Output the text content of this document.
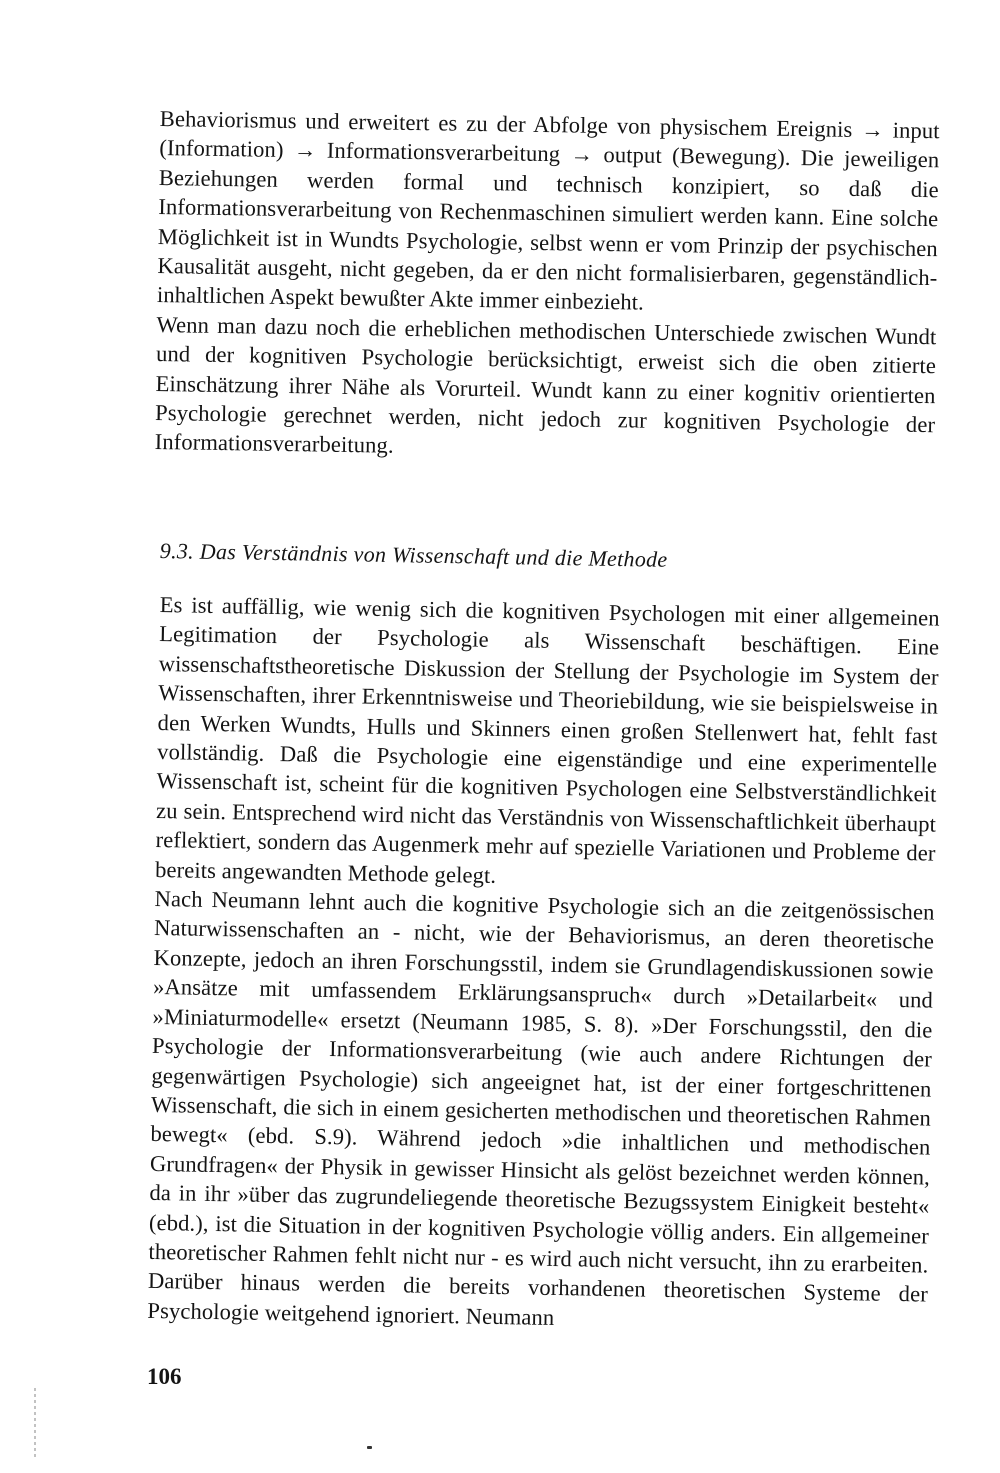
Behaviorismus und erweitert es zu der Abfolge von physischem Ereignis → input (Information) → Informationsverarbeitung → output (Bewegung). Die jeweiligen Beziehungen werden formal und technisch konzipiert, so daß die Informationsverarbeitung von Rechenmaschinen simuliert werden kann. Eine solche Möglichkeit ist in Wundts Psychologie, selbst wenn er vom Prinzip der psychischen Kausalität ausgeht, nicht gegeben, da er den nicht formalisierbaren, gegenständlich-inhaltlichen Aspekt bewußter Akte immer einbezieht.

Wenn man dazu noch die erheblichen methodischen Unterschiede zwischen Wundt und der kognitiven Psychologie berücksichtigt, erweist sich die oben zitierte Einschätzung ihrer Nähe als Vorurteil. Wundt kann zu einer kognitiv orientierten Psychologie gerechnet werden, nicht jedoch zur kognitiven Psychologie der Informationsverarbeitung.

9.3. Das Verständnis von Wissenschaft und die Methode

Es ist auffällig, wie wenig sich die kognitiven Psychologen mit einer allgemeinen Legitimation der Psychologie als Wissenschaft beschäftigen. Eine wissenschaftstheoretische Diskussion der Stellung der Psychologie im System der Wissenschaften, ihrer Erkenntnisweise und Theoriebildung, wie sie beispielsweise in den Werken Wundts, Hulls und Skinners einen großen Stellenwert hat, fehlt fast vollständig. Daß die Psychologie eine eigenständige und eine experimentelle Wissenschaft ist, scheint für die kognitiven Psychologen eine Selbstverständlichkeit zu sein. Entsprechend wird nicht das Verständnis von Wissenschaftlichkeit überhaupt reflektiert, sondern das Augenmerk mehr auf spezielle Variationen und Probleme der bereits angewandten Methode gelegt.

Nach Neumann lehnt auch die kognitive Psychologie sich an die zeitgenössischen Naturwissenschaften an - nicht, wie der Behaviorismus, an deren theoretische Konzepte, jedoch an ihren Forschungsstil, indem sie Grundlagendiskussionen sowie »Ansätze mit umfassendem Erklärungsanspruch« durch »Detailarbeit« und »Miniaturmodelle« ersetzt (Neumann 1985, S. 8). »Der Forschungsstil, den die Psychologie der Informationsverarbeitung (wie auch andere Richtungen der gegenwärtigen Psychologie) sich angeeignet hat, ist der einer fortgeschrittenen Wissenschaft, die sich in einem gesicherten methodischen und theoretischen Rahmen bewegt« (ebd. S.9). Während jedoch »die inhaltlichen und methodischen Grundfragen« der Physik in gewisser Hinsicht als gelöst bezeichnet werden können, da in ihr »über das zugrundeliegende theoretische Bezugssystem Einigkeit besteht« (ebd.), ist die Situation in der kognitiven Psychologie völlig anders. Ein allgemeiner theoretischer Rahmen fehlt nicht nur - es wird auch nicht versucht, ihn zu erarbeiten. Darüber hinaus werden die bereits vorhandenen theoretischen Systeme der Psychologie weitgehend ignoriert. Neumann

106
